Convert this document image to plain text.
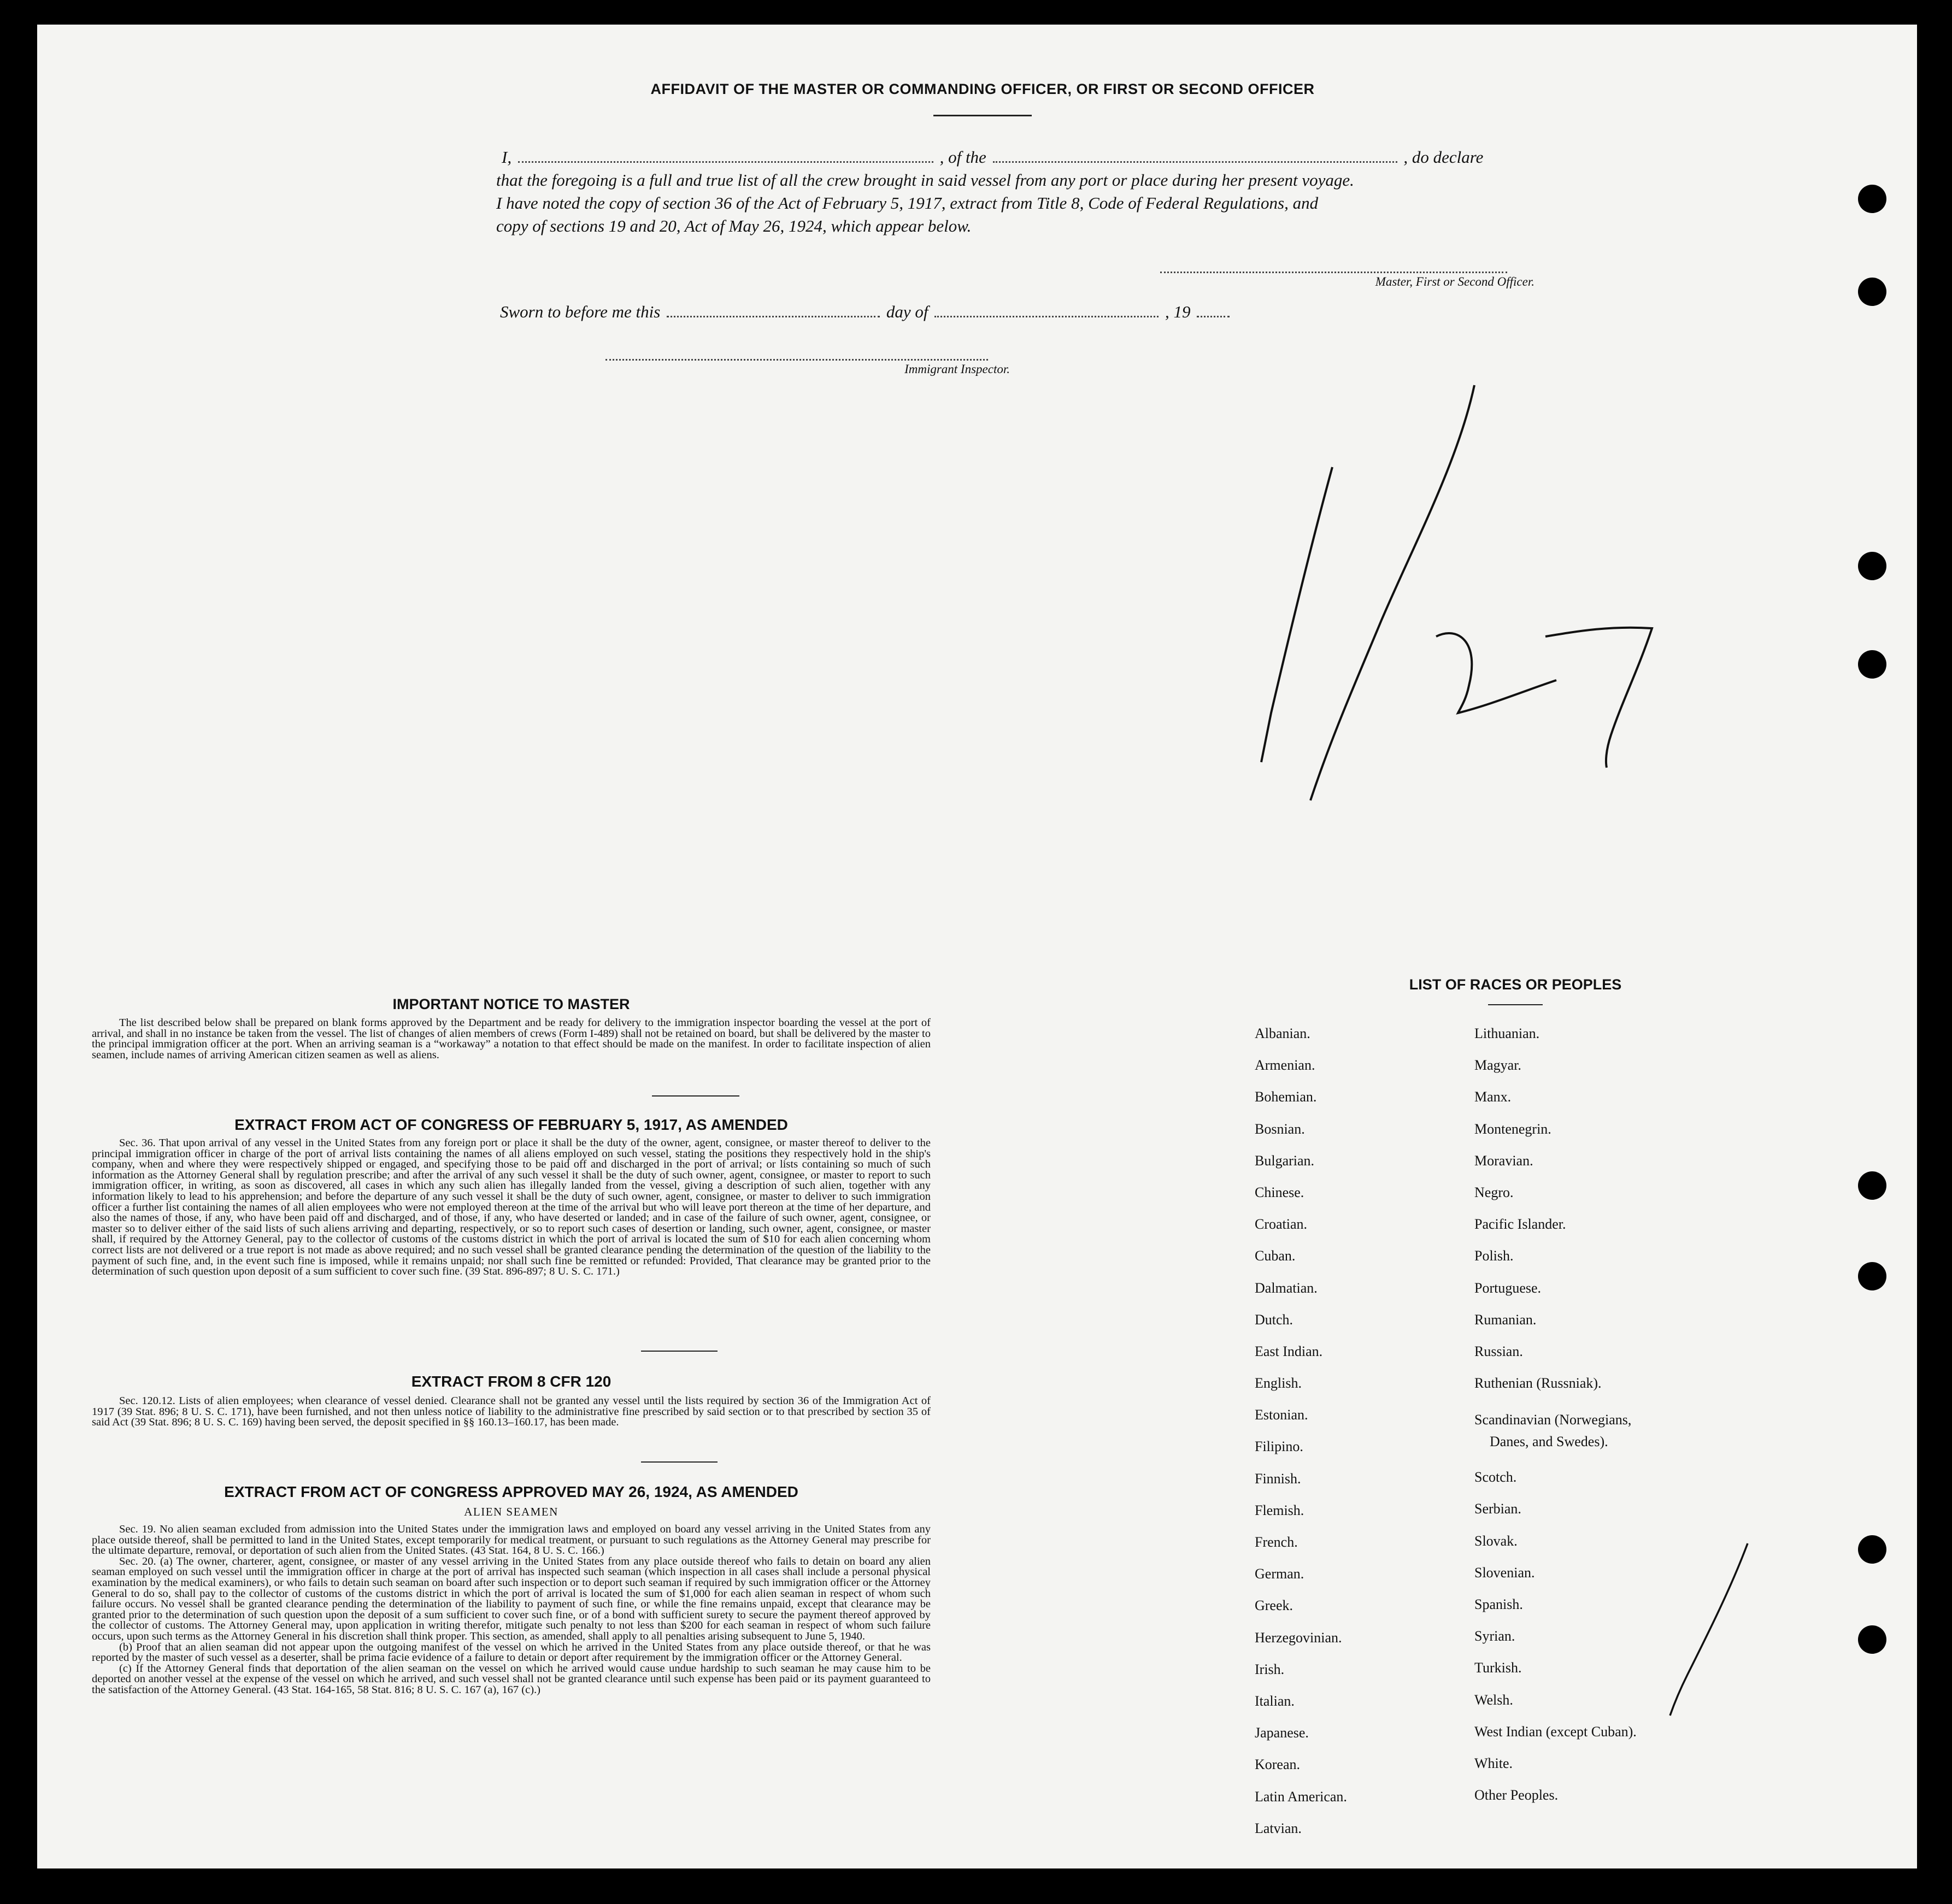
AFFIDAVIT OF THE MASTER OR COMMANDING OFFICER, OR FIRST OR SECOND OFFICER
I,	, of the	, do declare
that the foregoing is a full and true list of all the crew brought in said vessel from any port or place during her present voyage.
I have noted the copy of section 36 of the Act of February 5, 1917, extract from Title 8, Code of Federal Regulations, and
copy of sections 19 and 20, Act of May 26, 1924, which appear below.
Master, First or Second Officer.
Sworn to before me this	day of	, 19
Immigrant Inspector.
IMPORTANT NOTICE TO MASTER
The list described below shall be prepared on blank forms approved by the Department and be ready for delivery to the immigration inspector boarding the vessel at the port of arrival, and shall in no instance be taken from the vessel. The list of changes of alien members of crews (Form I-489) shall not be retained on board, but shall be delivered by the master to the principal immigration officer at the port. When an arriving seaman is a “workaway” a notation to that effect should be made on the manifest. In order to facilitate inspection of alien seamen, include names of arriving American citizen seamen as well as aliens.
EXTRACT FROM ACT OF CONGRESS OF FEBRUARY 5, 1917, AS AMENDED
Sec. 36. That upon arrival of any vessel in the United States from any foreign port or place it shall be the duty of the owner, agent, consignee, or master thereof to deliver to the principal immigration officer in charge of the port of arrival lists containing the names of all aliens employed on such vessel, stating the positions they respectively hold in the ship's company, when and where they were respectively shipped or engaged, and specifying those to be paid off and discharged in the port of arrival; or lists containing so much of such information as the Attorney General shall by regulation prescribe; and after the arrival of any such vessel it shall be the duty of such owner, agent, consignee, or master to report to such immigration officer, in writing, as soon as discovered, all cases in which any such alien has illegally landed from the vessel, giving a description of such alien, together with any information likely to lead to his apprehension; and before the departure of any such vessel it shall be the duty of such owner, agent, consignee, or master to deliver to such immigration officer a further list containing the names of all alien employees who were not employed thereon at the time of the arrival but who will leave port thereon at the time of her departure, and also the names of those, if any, who have been paid off and discharged, and of those, if any, who have deserted or landed; and in case of the failure of such owner, agent, consignee, or master so to deliver either of the said lists of such aliens arriving and departing, respectively, or so to report such cases of desertion or landing, such owner, agent, consignee, or master shall, if required by the Attorney General, pay to the collector of customs of the customs district in which the port of arrival is located the sum of $10 for each alien concerning whom correct lists are not delivered or a true report is not made as above required; and no such vessel shall be granted clearance pending the determination of the question of the liability to the payment of such fine, and, in the event such fine is imposed, while it remains unpaid; nor shall such fine be remitted or refunded: Provided, That clearance may be granted prior to the determination of such question upon deposit of a sum sufficient to cover such fine. (39 Stat. 896-897; 8 U. S. C. 171.)
EXTRACT FROM 8 CFR 120
Sec. 120.12. Lists of alien employees; when clearance of vessel denied. Clearance shall not be granted any vessel until the lists required by section 36 of the Immigration Act of 1917 (39 Stat. 896; 8 U. S. C. 171), have been furnished, and not then unless notice of liability to the administrative fine prescribed by said section or to that prescribed by section 35 of said Act (39 Stat. 896; 8 U. S. C. 169) having been served, the deposit specified in §§ 160.13–160.17, has been made.
EXTRACT FROM ACT OF CONGRESS APPROVED MAY 26, 1924, AS AMENDED
ALIEN SEAMEN
Sec. 19. No alien seaman excluded from admission into the United States under the immigration laws and employed on board any vessel arriving in the United States from any place outside thereof, shall be permitted to land in the United States, except temporarily for medical treatment, or pursuant to such regulations as the Attorney General may prescribe for the ultimate departure, removal, or deportation of such alien from the United States. (43 Stat. 164, 8 U. S. C. 166.)
Sec. 20. (a) The owner, charterer, agent, consignee, or master of any vessel arriving in the United States from any place outside thereof who fails to detain on board any alien seaman employed on such vessel until the immigration officer in charge at the port of arrival has inspected such seaman (which inspection in all cases shall include a personal physical examination by the medical examiners), or who fails to detain such seaman on board after such inspection or to deport such seaman if required by such immigration officer or the Attorney General to do so, shall pay to the collector of customs of the customs district in which the port of arrival is located the sum of $1,000 for each alien seaman in respect of whom such failure occurs. No vessel shall be granted clearance pending the determination of the liability to payment of such fine, or while the fine remains unpaid, except that clearance may be granted prior to the determination of such question upon the deposit of a sum sufficient to cover such fine, or of a bond with sufficient surety to secure the payment thereof approved by the collector of customs. The Attorney General may, upon application in writing therefor, mitigate such penalty to not less than $200 for each seaman in respect of whom such failure occurs, upon such terms as the Attorney General in his discretion shall think proper. This section, as amended, shall apply to all penalties arising subsequent to June 5, 1940.
(b) Proof that an alien seaman did not appear upon the outgoing manifest of the vessel on which he arrived in the United States from any place outside thereof, or that he was reported by the master of such vessel as a deserter, shall be prima facie evidence of a failure to detain or deport after requirement by the immigration officer or the Attorney General.
(c) If the Attorney General finds that deportation of the alien seaman on the vessel on which he arrived would cause undue hardship to such seaman he may cause him to be deported on another vessel at the expense of the vessel on which he arrived, and such vessel shall not be granted clearance until such expense has been paid or its payment guaranteed to the satisfaction of the Attorney General. (43 Stat. 164-165, 58 Stat. 816; 8 U. S. C. 167 (a), 167 (c).)
LIST OF RACES OR PEOPLES
Albanian.
Armenian.
Bohemian.
Bosnian.
Bulgarian.
Chinese.
Croatian.
Cuban.
Dalmatian.
Dutch.
East Indian.
English.
Estonian.
Filipino.
Finnish.
Flemish.
French.
German.
Greek.
Herzegovinian.
Irish.
Italian.
Japanese.
Korean.
Latin American.
Latvian.
Lithuanian.
Magyar.
Manx.
Montenegrin.
Moravian.
Negro.
Pacific Islander.
Polish.
Portuguese.
Rumanian.
Russian.
Ruthenian (Russniak).
Scandinavian (Norwegians,
Danes, and Swedes).
Scotch.
Serbian.
Slovak.
Slovenian.
Spanish.
Syrian.
Turkish.
Welsh.
West Indian (except Cuban).
White.
Other Peoples.
